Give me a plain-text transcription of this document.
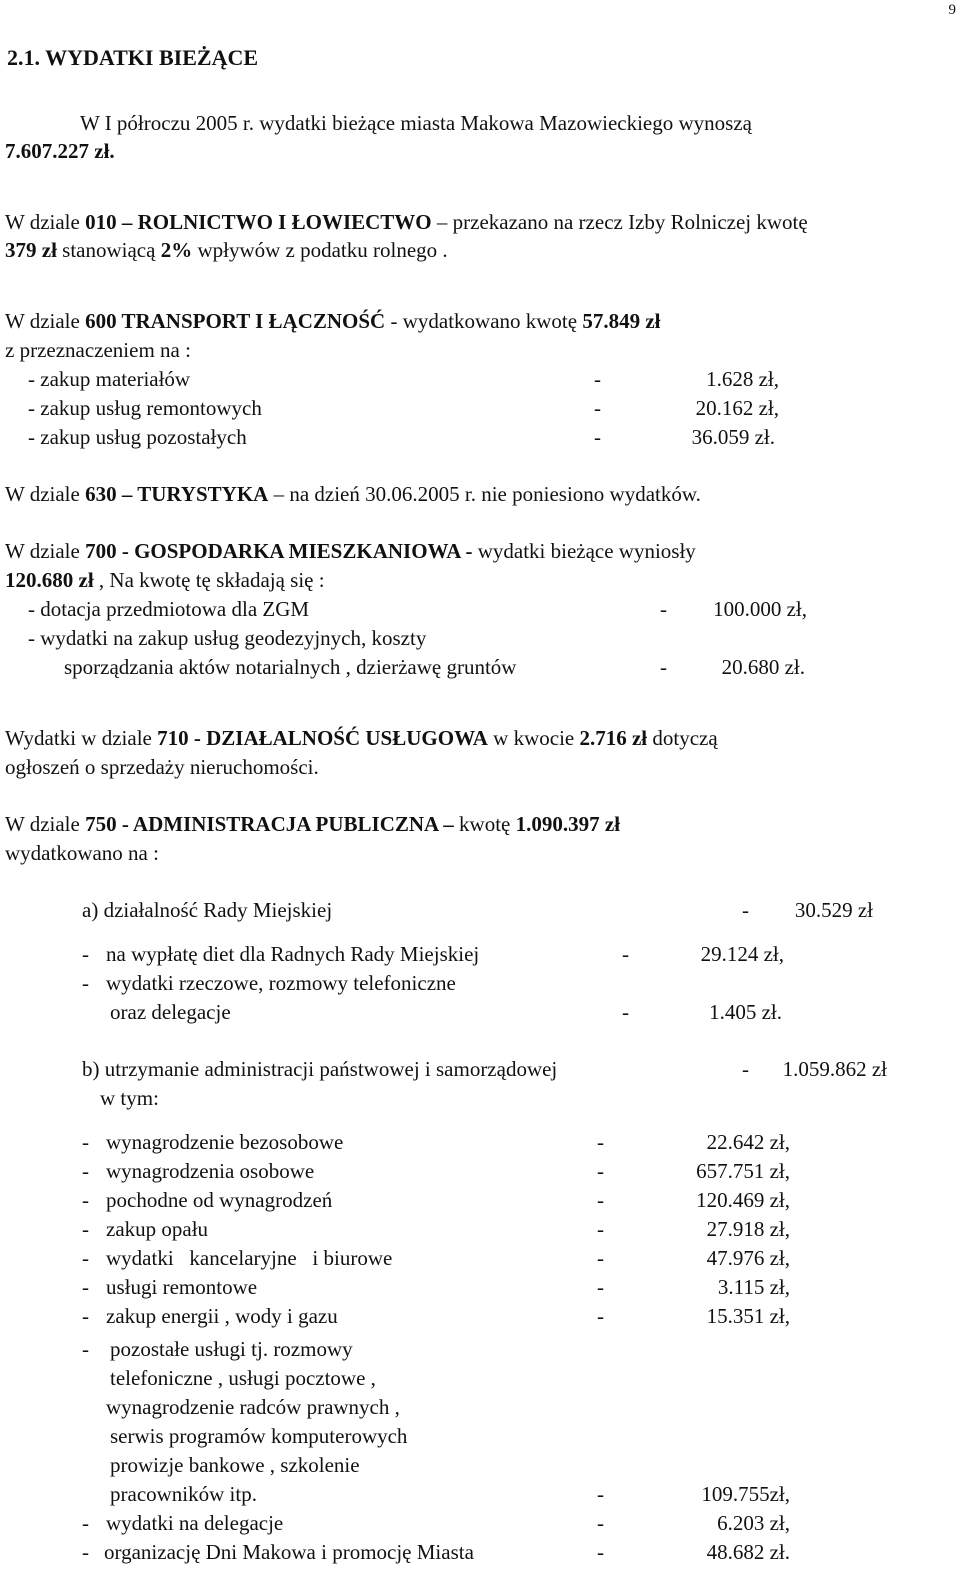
9
2.1. WYDATKI BIEŻĄCE
W I półroczu 2005 r. wydatki bieżące miasta Makowa Mazowieckiego wynoszą
7.607.227 zł.
W dziale 010 – ROLNICTWO I ŁOWIECTWO – przekazano na rzecz Izby Rolniczej kwotę
379 zł stanowiącą 2% wpływów z podatku rolnego .
W dziale 600 TRANSPORT I ŁĄCZNOŚĆ - wydatkowano kwotę 57.849 zł
z przeznaczeniem na :
- zakup materiałów	-	1.628 zł,
- zakup usług remontowych	-	20.162 zł,
- zakup usług pozostałych	-	36.059 zł.
W dziale 630 – TURYSTYKA – na dzień 30.06.2005 r. nie poniesiono wydatków.
W dziale 700 - GOSPODARKA MIESZKANIOWA - wydatki bieżące wyniosły
120.680 zł , Na kwotę tę składają się :
- dotacja przedmiotowa dla ZGM	- 100.000 zł,
- wydatki na zakup usług geodezyjnych, koszty
sporządzania aktów notarialnych , dzierżawę gruntów	-	20.680 zł.
Wydatki w dziale 710 - DZIAŁALNOŚĆ USŁUGOWA w kwocie 2.716 zł dotyczą
ogłoszeń o sprzedaży nieruchomości.
W dziale 750 - ADMINISTRACJA PUBLICZNA – kwotę 1.090.397 zł
wydatkowano na :
a) działalność Rady Miejskiej	- 30.529 zł
- na wypłatę diet dla Radnych Rady Miejskiej	-	29.124 zł,
- wydatki rzeczowe, rozmowy telefoniczne
oraz delegacje	-	1.405 zł.
b) utrzymanie administracji państwowej i samorządowej	- 1.059.862 zł
w tym:
- wynagrodzenie bezosobowe	-	22.642 zł,
- wynagrodzenia osobowe	-	657.751 zł,
- pochodne od wynagrodzeń	-	120.469 zł,
- zakup opału	-	27.918 zł,
- wydatki   kancelaryjne   i biurowe	-	47.976 zł,
- usługi remontowe	-	3.115 zł,
- zakup energii , wody i gazu	-	15.351 zł,
- pozostałe usługi tj. rozmowy
telefoniczne , usługi pocztowe ,
wynagrodzenie radców prawnych ,
serwis programów komputerowych
prowizje bankowe , szkolenie
pracowników itp.	-	109.755zł,
- wydatki na delegacje	-	6.203 zł,
- organizację Dni Makowa i promocję Miasta	-	48.682 zł.
